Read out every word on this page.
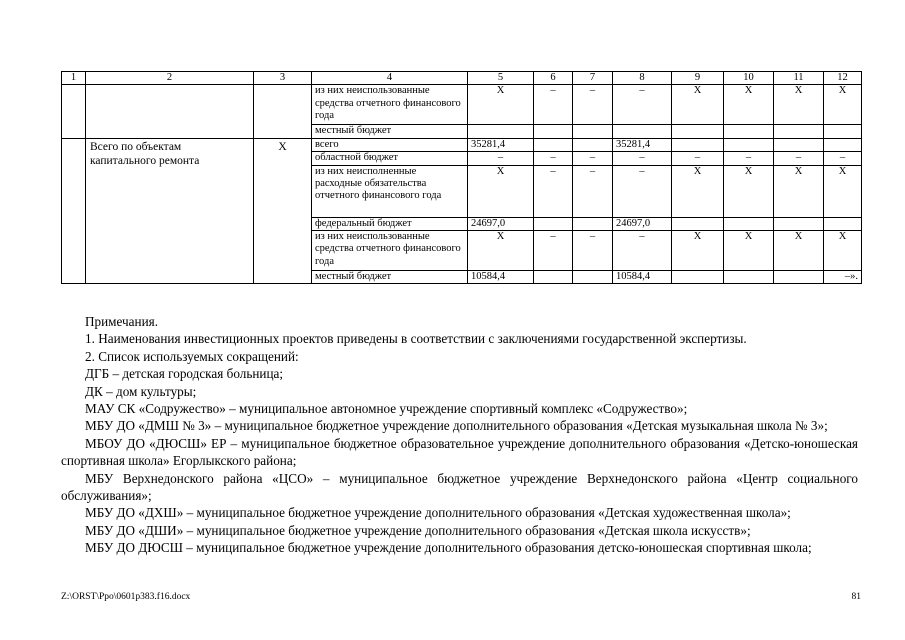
1	2	3	4	5	6	7	8	9	10	11	12
			из них неиспользованные средства отчетного финансового года	Х	–	–	–	Х	Х	Х	Х
			местный бюджет								
	Всего по объектам капитального ремонта	Х	всего	35281,4			35281,4				
			областной бюджет	–	–	–	–	–	–	–	–
			из них неисполненные расходные обязательства отчетного финансового года	Х	–	–	–	Х	Х	Х	Х
			федеральный бюджет	24697,0			24697,0				
			из них неиспользованные средства отчетного финансового года	Х	–	–	–	Х	Х	Х	Х
			местный бюджет	10584,4			10584,4				–».

Примечания.

1. Наименования инвестиционных проектов приведены в соответствии с заключениями государственной экспертизы.

2. Список используемых сокращений:

ДГБ – детская городская больница;

ДК – дом культуры;

МАУ СК «Содружество» – муниципальное автономное учреждение спортивный комплекс «Содружество»;

МБУ ДО «ДМШ № 3» – муниципальное бюджетное учреждение дополнительного образования «Детская музыкальная школа № 3»;

МБОУ ДО «ДЮСШ» ЕР – муниципальное бюджетное образовательное учреждение дополнительного образования «Детско-юношеская спортивная школа» Егорлыкского района;

МБУ Верхнедонского района «ЦСО» – муниципальное бюджетное учреждение Верхнедонского района «Центр социального обслуживания»;

МБУ ДО «ДХШ» – муниципальное бюджетное учреждение дополнительного образования «Детская художественная школа»;

МБУ ДО «ДШИ» – муниципальное бюджетное учреждение дополнительного образования «Детская школа искусств»;

МБУ ДО ДЮСШ – муниципальное бюджетное учреждение дополнительного образования детско-юношеская спортивная школа;

Z:\ORST\Ppo\0601p383.f16.docx	81
